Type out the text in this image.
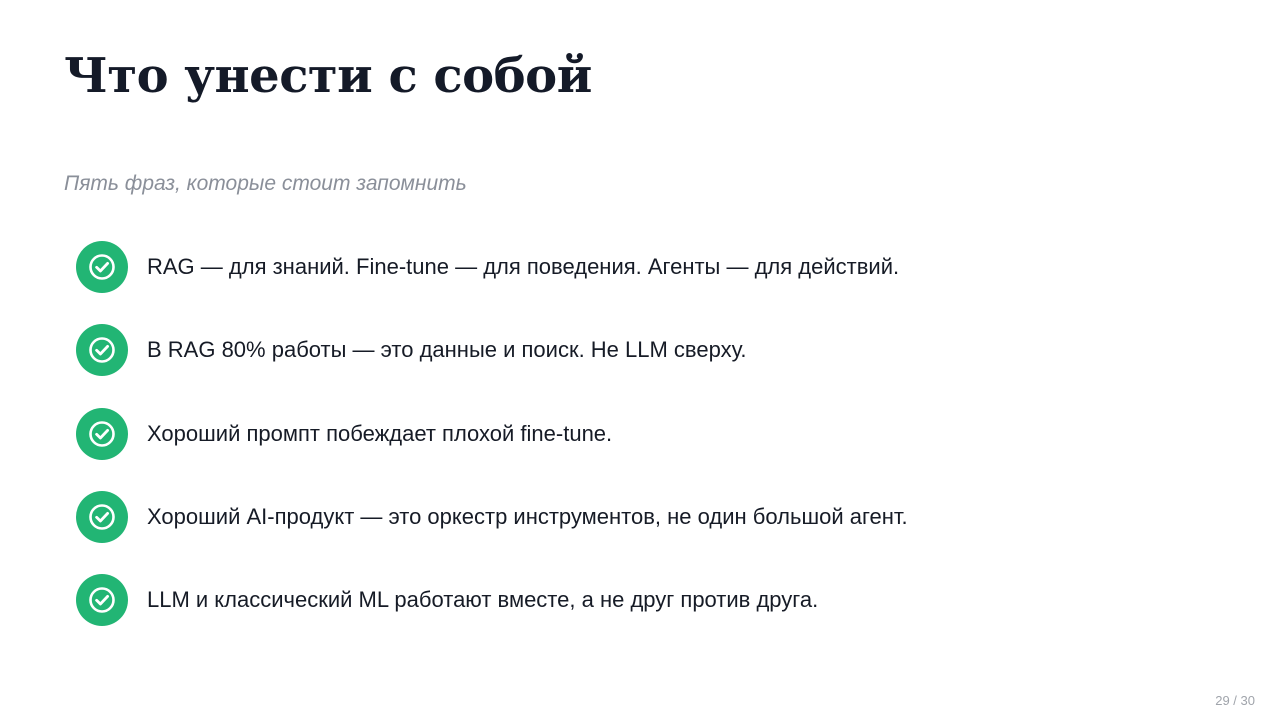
Что унести с собой

Пять фраз, которые стоит запомнить

RAG — для знаний. Fine-tune — для поведения. Агенты — для действий.
В RAG 80% работы — это данные и поиск. Не LLM сверху.
Хороший промпт побеждает плохой fine-tune.
Хороший AI-продукт — это оркестр инструментов, не один большой агент.
LLM и классический ML работают вместе, а не друг против друга.
29 / 30
